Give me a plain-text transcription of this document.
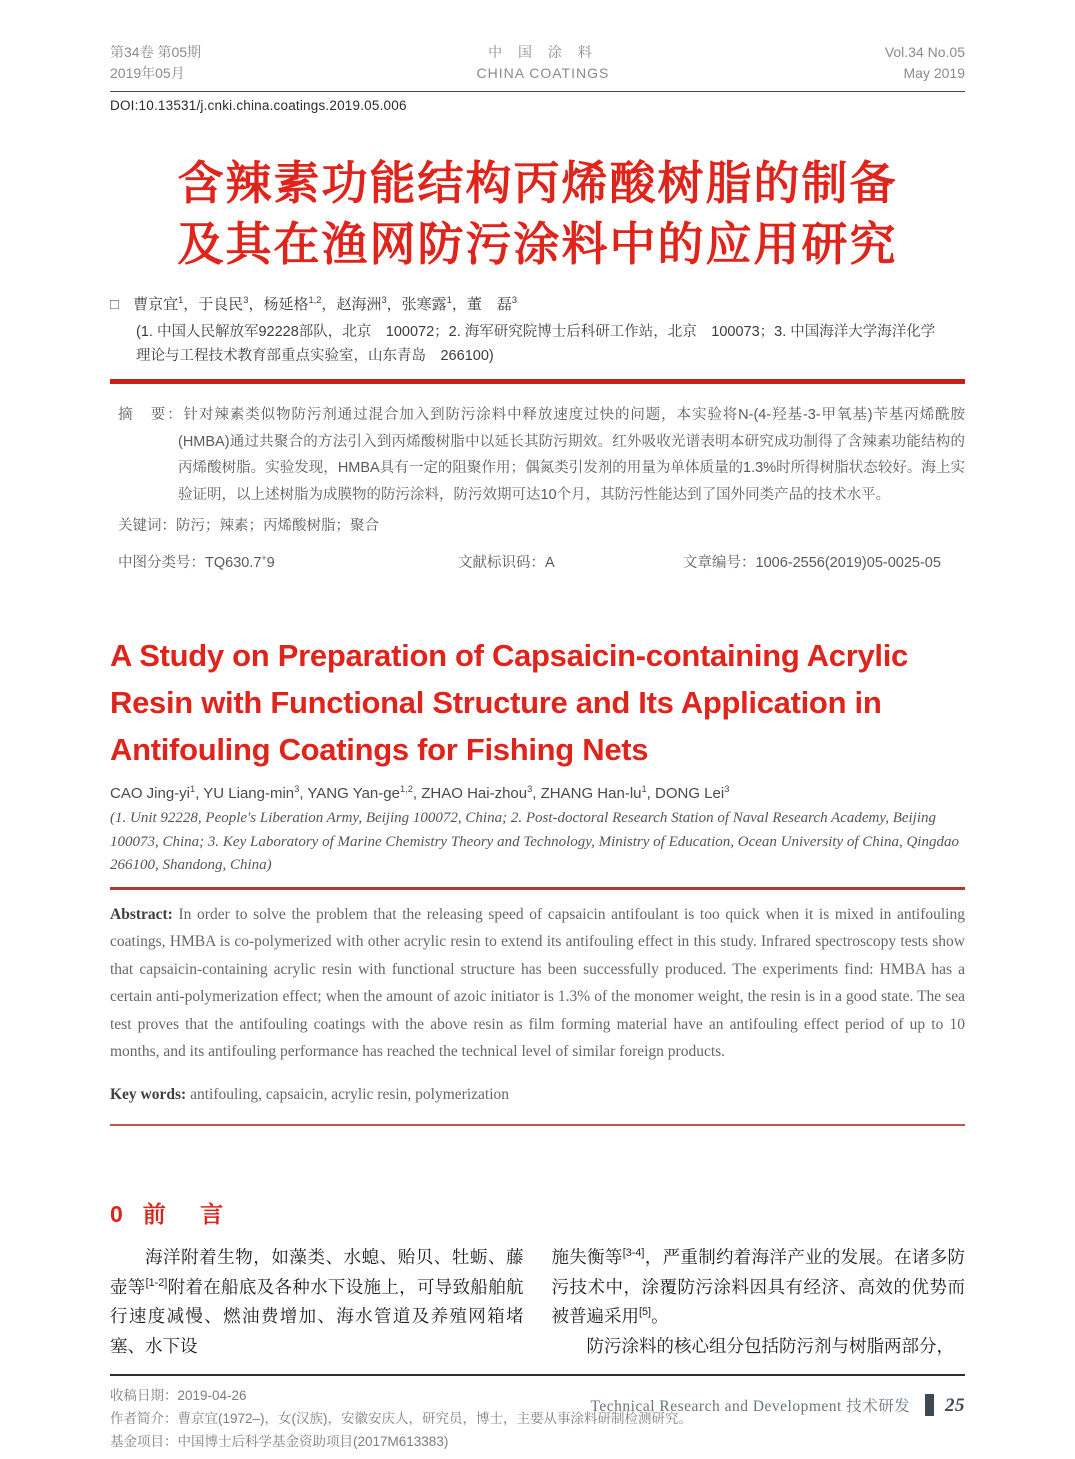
第34卷 第05期
2019年05月
中 国 涂 料
CHINA COATINGS
Vol.34 No.05
May 2019
DOI:10.13531/j.cnki.china.coatings.2019.05.006
含辣素功能结构丙烯酸树脂的制备
及其在渔网防污涂料中的应用研究
□ 曹京宜$^1$，于良民$^3$，杨延格$^{1,2}$，赵海洲$^3$，张寒露$^1$，董　磊$^3$
(1. 中国人民解放军92228部队，北京　100072；2. 海军研究院博士后科研工作站，北京　100073；3. 中国海洋大学海洋化学
理论与工程技术教育部重点实验室，山东青岛　266100)

摘　要：针对辣素类似物防污剂通过混合加入到防污涂料中释放速度过快的问题，本实验将N-(4-羟基-3-甲氧基)苄基丙烯酰胺(HMBA)通过共聚合的方法引入到丙烯酸树脂中以延长其防污期效。红外吸收光谱表明本研究成功制得了含辣素功能结构的丙烯酸树脂。实验发现，HMBA具有一定的阻聚作用；偶氮类引发剂的用量为单体质量的1.3%时所得树脂状态较好。海上实验证明，以上述树脂为成膜物的防污涂料，防污效期可达10个月，其防污性能达到了国外同类产品的技术水平。

关键词：防污；辣素；丙烯酸树脂；聚合
中图分类号：TQ630.7+9	文献标识码：A	文章编号：1006-2556(2019)05-0025-05
A Study on Preparation of Capsaicin-containing Acrylic
Resin with Functional Structure and Its Application in
Antifouling Coatings for Fishing Nets
CAO Jing-$yi^1$, YU Liang-$\min^3$, YANG Yan-ge$^{1,2}$, ZHAO Hai-zhou$^3$, ZHANG Han-$lu^1$, DONG Lei$^3$
(1. Unit 92228, People's Liberation Army, Beijing 100072, China; 2. Post-doctoral Research Station of Naval Research Academy, Beijing 100073, China; 3. Key Laboratory of Marine Chemistry Theory and Technology, Ministry of Education, Ocean University of China, Qingdao 266100, Shandong, China)

Abstract: In order to solve the problem that the releasing speed of capsaicin antifoulant is too quick when it is mixed in antifouling coatings, HMBA is co-polymerized with other acrylic resin to extend its antifouling effect in this study. Infrared spectroscopy tests show that capsaicin-containing acrylic resin with functional structure has been successfully produced. The experiments find: HMBA has a certain anti-polymerization effect; when the amount of azoic initiator is 1.3% of the monomer weight, the resin is in a good state. The sea test proves that the antifouling coatings with the above resin as film forming material have an antifouling effect period of up to 10 months, and its antifouling performance has reached the technical level of similar foreign products.

Key words: antifouling, capsaicin, acrylic resin, polymerization

0 前 言

海洋附着生物，如藻类、水螅、贻贝、牡蛎、藤壶等[1-2]附着在船底及各种水下设施上，可导致船舶航行速度减慢、燃油费增加、海水管道及养殖网箱堵塞、水下设

施失衡等[3-4]，严重制约着海洋产业的发展。在诸多防污技术中，涂覆防污涂料因具有经济、高效的优势而被普遍采用[5]。

防污涂料的核心组分包括防污剂与树脂两部分，

收稿日期：2019-04-26
作者简介：曹京宜(1972–)，女(汉族)，安徽安庆人，研究员，博士，主要从事涂料研制检测研究。
基金项目：中国博士后科学基金资助项目(2017M613383)
Technical Research and Development 技术研发 25
